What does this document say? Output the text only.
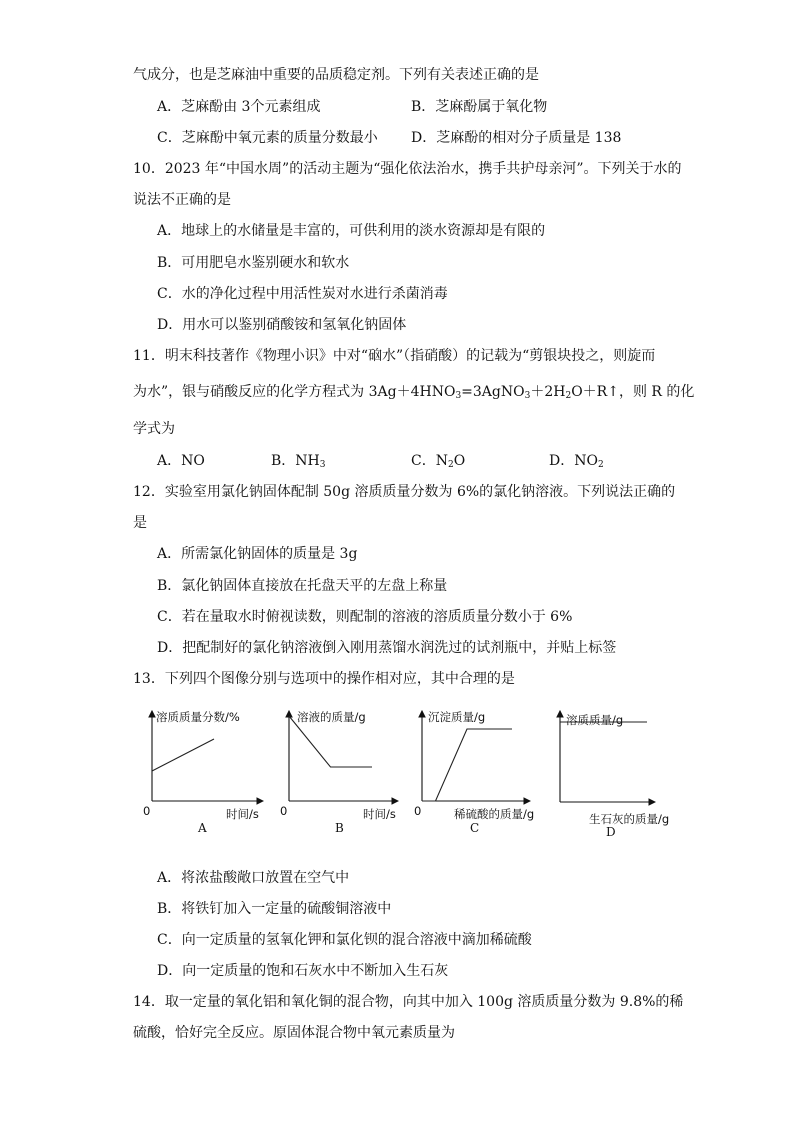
气成分，也是芝麻油中重要的品质稳定剂。下列有关表述正确的是
A．芝麻酚由 3个元素组成	B．芝麻酚属于氧化物
C．芝麻酚中氧元素的质量分数最小 D．芝麻酚的相对分子质量是 138
10．2023 年“中国水周”的活动主题为“强化依法治水，携手共护母亲河”。下列关于水的
说法不正确的是
A．地球上的水储量是丰富的，可供利用的淡水资源却是有限的
B．可用肥皂水鉴别硬水和软水
C．水的净化过程中用活性炭对水进行杀菌消毒
D．用水可以鉴别硝酸铵和氢氧化钠固体
11．明末科技著作《物理小识》中对“硇水”（指硝酸）的记载为“剪银块投之，则旋而
为水”，银与硝酸反应的化学方程式为 $3Ag+4HNO_3=3AgNO_3+2H_2O+R↑$，则 R 的化
学式为
A．NO	B．$NH_3$	C．$N_2O$	D．$NO_2$
12．实验室用氯化钠固体配制 50g 溶质质量分数为 6%的氯化钠溶液。下列说法正确的
是
A．所需氯化钠固体的质量是 3g
B．氯化钠固体直接放在托盘天平的左盘上称量
C．若在量取水时俯视读数，则配制的溶液的溶质质量分数小于 6%
D．把配制好的氯化钠溶液倒入刚用蒸馏水润洗过的试剂瓶中，并贴上标签
13．下列四个图像分别与选项中的操作相对应，其中合理的是
溶质质量分数/%
时间/s
0
A
溶液的质量/g
时间/s
0
B
沉淀质量/g
稀硫酸的质量/g
0
C
溶质质量/g
生石灰的质量/g
D
A．将浓盐酸敞口放置在空气中
B．将铁钉加入一定量的硫酸铜溶液中
C．向一定质量的氢氧化钾和氯化钡的混合溶液中滴加稀硫酸
D．向一定质量的饱和石灰水中不断加入生石灰
14．取一定量的氧化铝和氧化铜的混合物，向其中加入 100g 溶质质量分数为 9.8%的稀
硫酸，恰好完全反应。原固体混合物中氧元素质量为
